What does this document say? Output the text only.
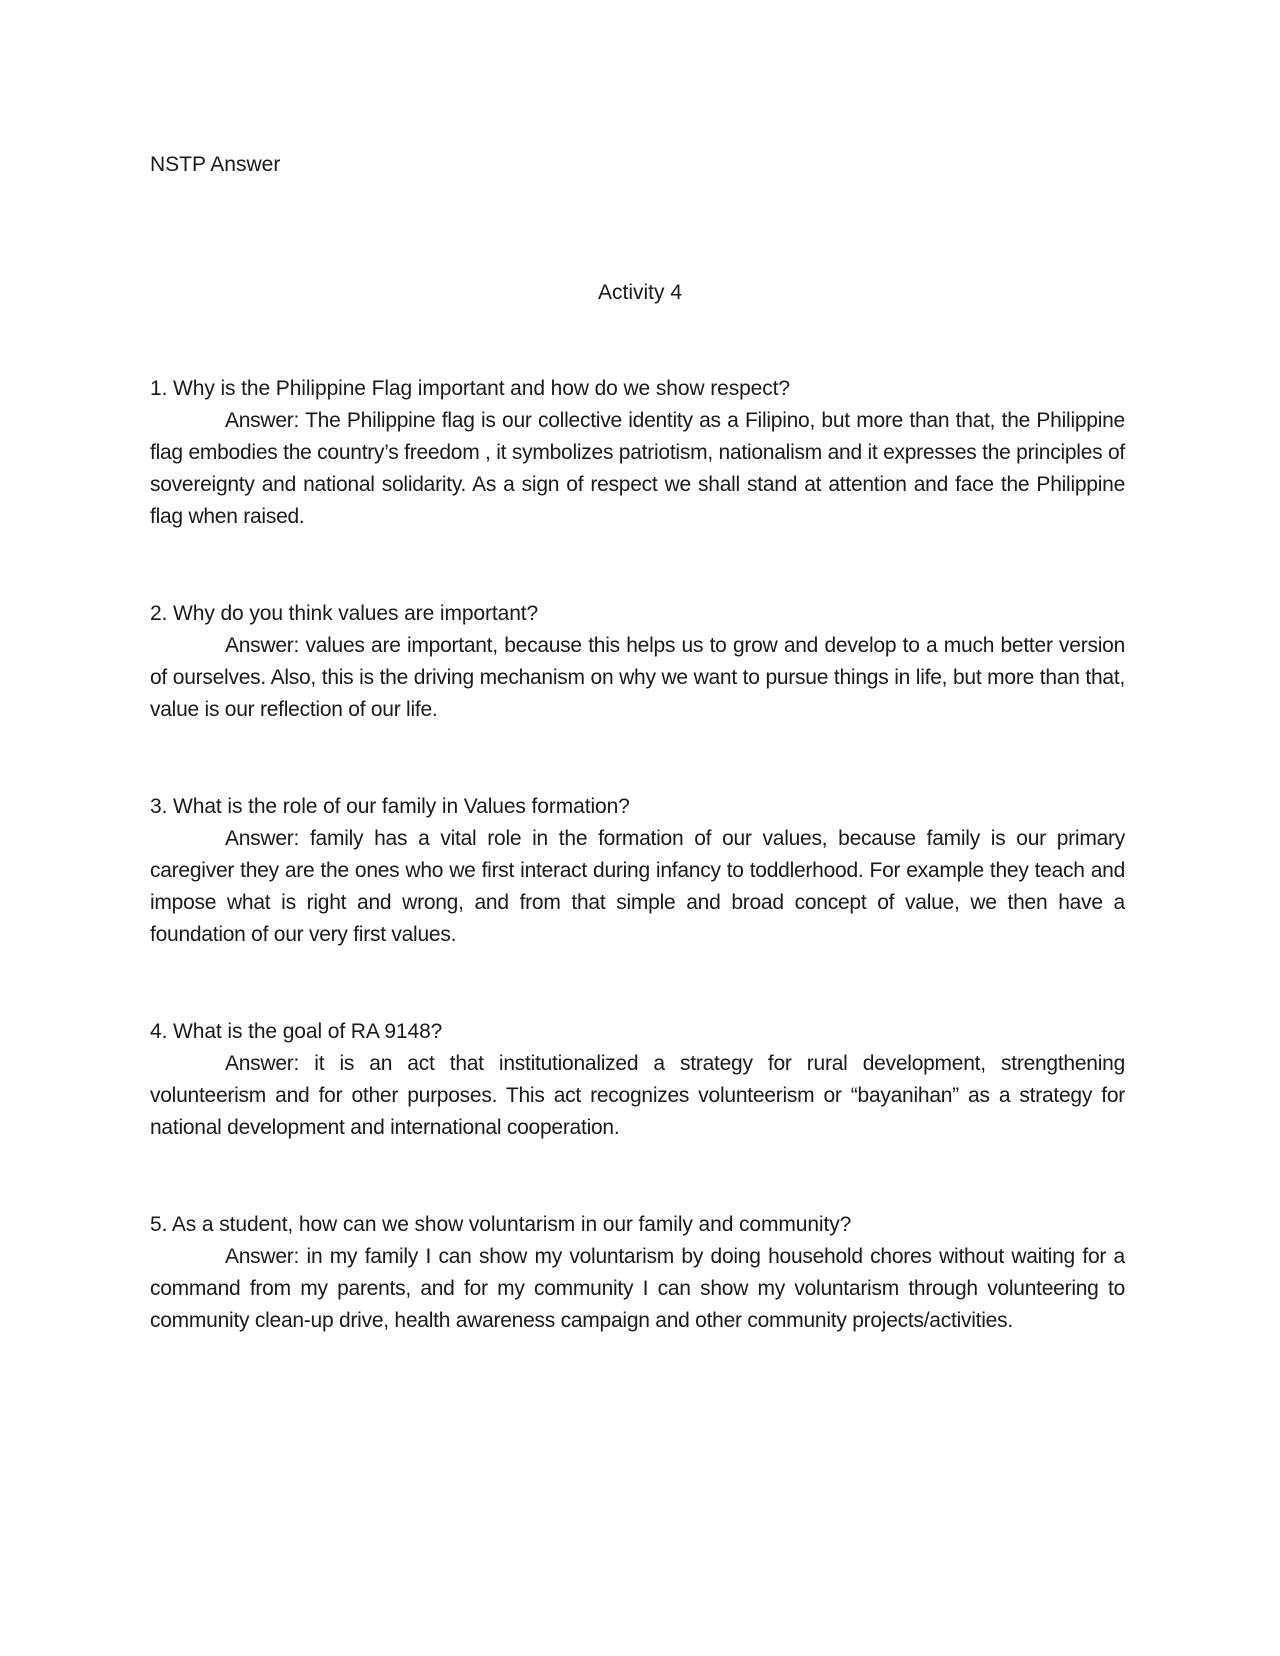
NSTP Answer
Activity 4

1. Why is the Philippine Flag important and how do we show respect?

Answer: The Philippine flag is our collective identity as a Filipino, but more than that, the Philippine flag embodies the country’s freedom , it symbolizes patriotism, nationalism and it expresses the principles of sovereignty and national solidarity. As a sign of respect we shall stand at attention and face the Philippine flag when raised.

2. Why do you think values are important?

Answer: values are important, because this helps us to grow and develop to a much better version of ourselves. Also, this is the driving mechanism on why we want to pursue things in life, but more than that, value is our reflection of our life.

3. What is the role of our family in Values formation?

Answer: family has a vital role in the formation of our values, because family is our primary caregiver they are the ones who we first interact during infancy to toddlerhood. For example they teach and impose what is right and wrong, and from that simple and broad concept of value, we then have a foundation of our very first values.

4. What is the goal of RA 9148?

Answer: it is an act that institutionalized a strategy for rural development, strengthening volunteerism and for other purposes. This act recognizes volunteerism or “bayanihan” as a strategy for national development and international cooperation.

5. As a student, how can we show voluntarism in our family and community?

Answer: in my family I can show my voluntarism by doing household chores without waiting for a command from my parents, and for my community I can show my voluntarism through volunteering to community clean-up drive, health awareness campaign and other community projects/activities.
